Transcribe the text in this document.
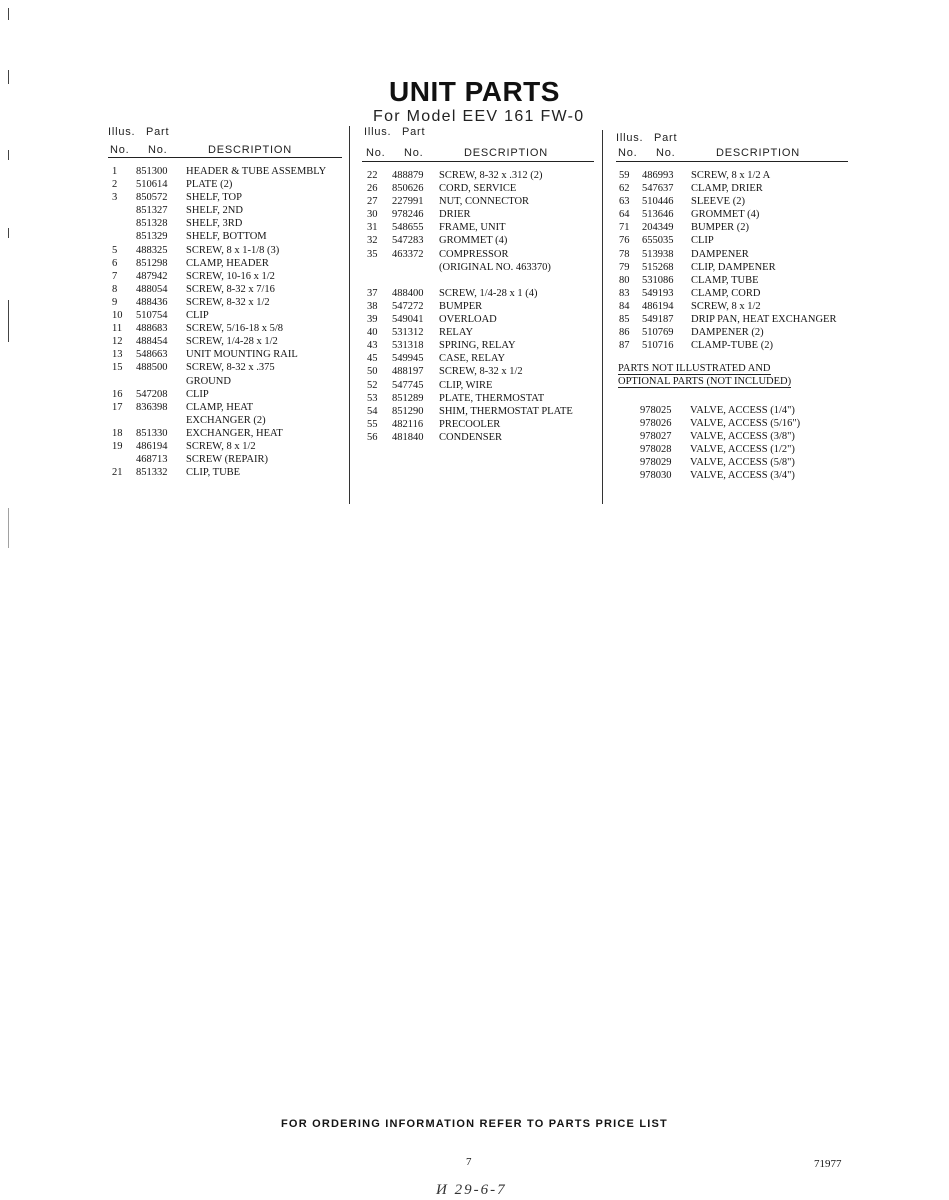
UNIT PARTS
For Model EEV 161 FW-0
Illus. Part
No. No.	DESCRIPTION
1 851300 HEADER & TUBE ASSEMBLY
2 510614 PLATE (2)
3 850572 SHELF, TOP
851327 SHELF, 2ND
851328 SHELF, 3RD
851329 SHELF, BOTTOM
5 488325 SCREW, 8 x 1-1/8 (3)
6 851298 CLAMP, HEADER
7 487942 SCREW, 10-16 x 1/2
8 488054 SCREW, 8-32 x 7/16
9 488436 SCREW, 8-32 x 1/2
10 510754 CLIP
11 488683 SCREW, 5/16-18 x 5/8
12 488454 SCREW, 1/4-28 x 1/2
13 548663 UNIT MOUNTING RAIL
15 488500 SCREW, 8-32 x .375
GROUND
16 547208 CLIP
17 836398 CLAMP, HEAT
EXCHANGER (2)
18 851330 EXCHANGER, HEAT
19 486194 SCREW, 8 x 1/2
468713 SCREW (REPAIR)
21 851332 CLIP, TUBE
Illus. Part
No. No.	DESCRIPTION
22 488879 SCREW, 8-32 x .312 (2)
26 850626 CORD, SERVICE
27 227991 NUT, CONNECTOR
30 978246 DRIER
31 548655 FRAME, UNIT
32 547283 GROMMET (4)
35 463372 COMPRESSOR
(ORIGINAL NO. 463370)
37 488400 SCREW, 1/4-28 x 1 (4)
38 547272 BUMPER
39 549041 OVERLOAD
40 531312 RELAY
43 531318 SPRING, RELAY
45 549945 CASE, RELAY
50 488197 SCREW, 8-32 x 1/2
52 547745 CLIP, WIRE
53 851289 PLATE, THERMOSTAT
54 851290 SHIM, THERMOSTAT PLATE
55 482116 PRECOOLER
56 481840 CONDENSER
Illus. Part
No. No.	DESCRIPTION
59 486993 SCREW, 8 x 1/2 A
62 547637 CLAMP, DRIER
63 510446 SLEEVE (2)
64 513646 GROMMET (4)
71 204349 BUMPER (2)
76 655035 CLIP
78 513938 DAMPENER
79 515268 CLIP, DAMPENER
80 531086 CLAMP, TUBE
83 549193 CLAMP, CORD
84 486194 SCREW, 8 x 1/2
85 549187 DRIP PAN, HEAT EXCHANGER
86 510769 DAMPENER (2)
87 510716 CLAMP-TUBE (2)
PARTS NOT ILLUSTRATED AND OPTIONAL PARTS (NOT INCLUDED)
978025 VALVE, ACCESS (1/4")
978026 VALVE, ACCESS (5/16")
978027 VALVE, ACCESS (3/8")
978028 VALVE, ACCESS (1/2")
978029 VALVE, ACCESS (5/8")
978030 VALVE, ACCESS (3/4")
FOR ORDERING INFORMATION REFER TO PARTS PRICE LIST
7	71977
И 29-6-7
